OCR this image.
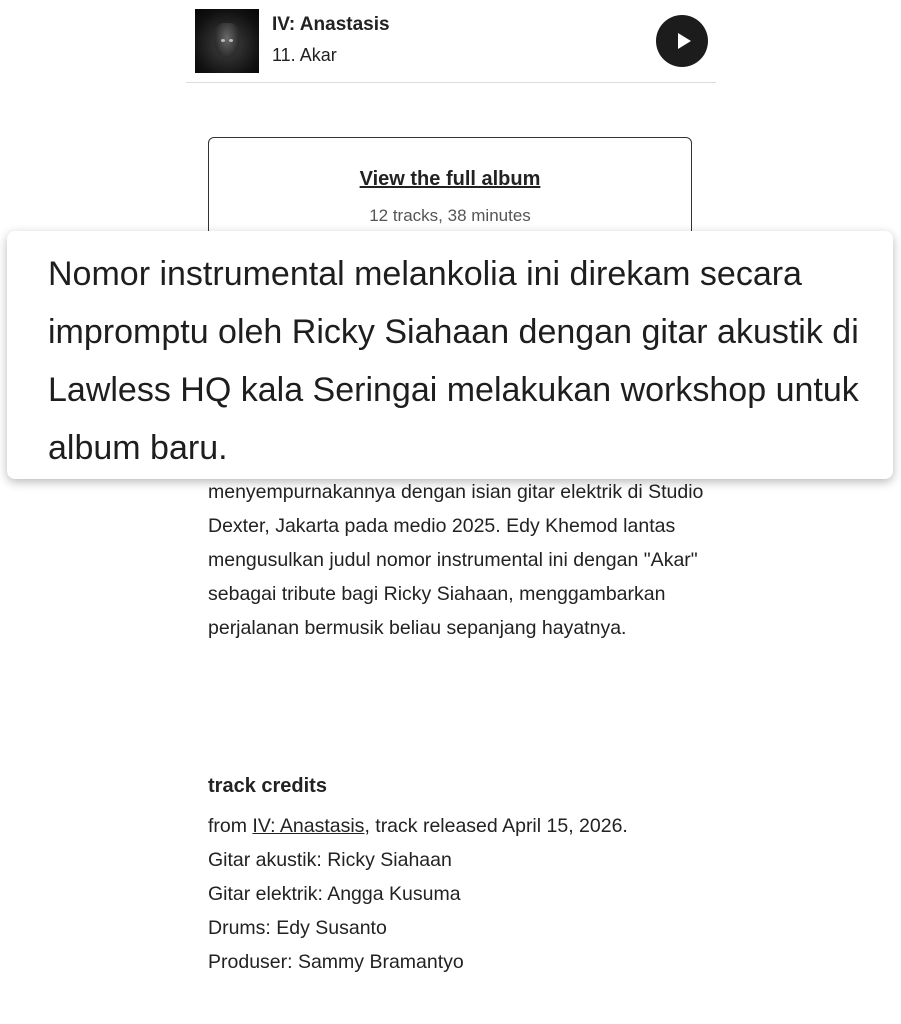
IV: Anastasis
11. Akar
View the full album
12 tracks, 38 minutes
Nomor instrumental melankolia ini direkam secara impromptu oleh Ricky Siahaan dengan gitar akustik di Lawless HQ kala Seringai melakukan workshop untuk album baru.
menyempurnakannya dengan isian gitar elektrik di Studio Dexter, Jakarta pada medio 2025. Edy Khemod lantas mengusulkan judul nomor instrumental ini dengan "Akar" sebagai tribute bagi Ricky Siahaan, menggambarkan perjalanan bermusik beliau sepanjang hayatnya.
track credits
from IV: Anastasis, track released April 15, 2026.
Gitar akustik: Ricky Siahaan
Gitar elektrik: Angga Kusuma
Drums: Edy Susanto
Produser: Sammy Bramantyo
